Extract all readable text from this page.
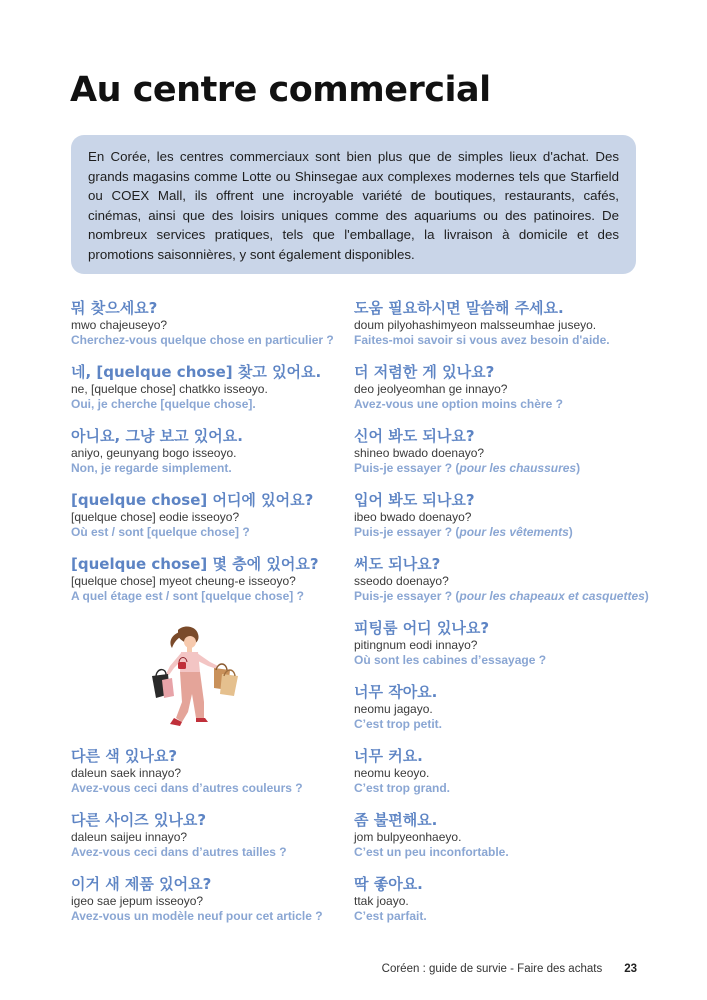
Au centre commercial
En Corée, les centres commerciaux sont bien plus que de simples lieux d'achat. Des grands magasins comme Lotte ou Shinsegae aux complexes modernes tels que Starfield ou COEX Mall, ils offrent une incroyable variété de boutiques, restaurants, cafés, cinémas, ainsi que des loisirs uniques comme des aquariums ou des patinoires. De nombreux services pratiques, tels que l'emballage, la livraison à domicile et des promotions saisonnières, y sont également disponibles.
뭐 찾으세요?
mwo chajeuseyo?
Cherchez-vous quelque chose en particulier ?
네, [quelque chose] 찾고 있어요.
ne, [quelque chose] chatkko isseoyo.
Oui, je cherche [quelque chose].
아니요, 그냥 보고 있어요.
aniyo, geunyang bogo isseoyo.
Non, je regarde simplement.
[quelque chose] 어디에 있어요?
[quelque chose] eodie isseoyo?
Où est / sont [quelque chose] ?
[quelque chose] 몇 층에 있어요?
[quelque chose] myeot cheung-e isseoyo?
A quel étage est / sont [quelque chose] ?
다른 색 있나요?
daleun saek innayo?
Avez-vous ceci dans d’autres couleurs ?
다른 사이즈 있나요?
daleun saijeu innayo?
Avez-vous ceci dans d’autres tailles ?
이거 새 제품 있어요?
igeo sae jepum isseoyo?
Avez-vous un modèle neuf pour cet article ?
도움 필요하시면 말씀해 주세요.
doum pilyohashimyeon malsseumhae juseyo.
Faites-moi savoir si vous avez besoin d'aide.
더 저렴한 게 있나요?
deo jeolyeomhan ge innayo?
Avez-vous une option moins chère ?
신어 봐도 되나요?
shineo bwado doenayo?
Puis-je essayer ? (pour les chaussures)
입어 봐도 되나요?
ibeo bwado doenayo?
Puis-je essayer ? (pour les vêtements)
써도 되나요?
sseodo doenayo?
Puis-je essayer ? (pour les chapeaux et casquettes)
피팅룸 어디 있나요?
pitingnum eodi innayo?
Où sont les cabines d’essayage ?
너무 작아요.
neomu jagayo.
C’est trop petit.
너무 커요.
neomu keoyo.
C’est trop grand.
좀 불편해요.
jom bulpyeonhaeyo.
C’est un peu inconfortable.
딱 좋아요.
ttak joayo.
C’est parfait.
Coréen : guide de survie - Faire des achats 23
